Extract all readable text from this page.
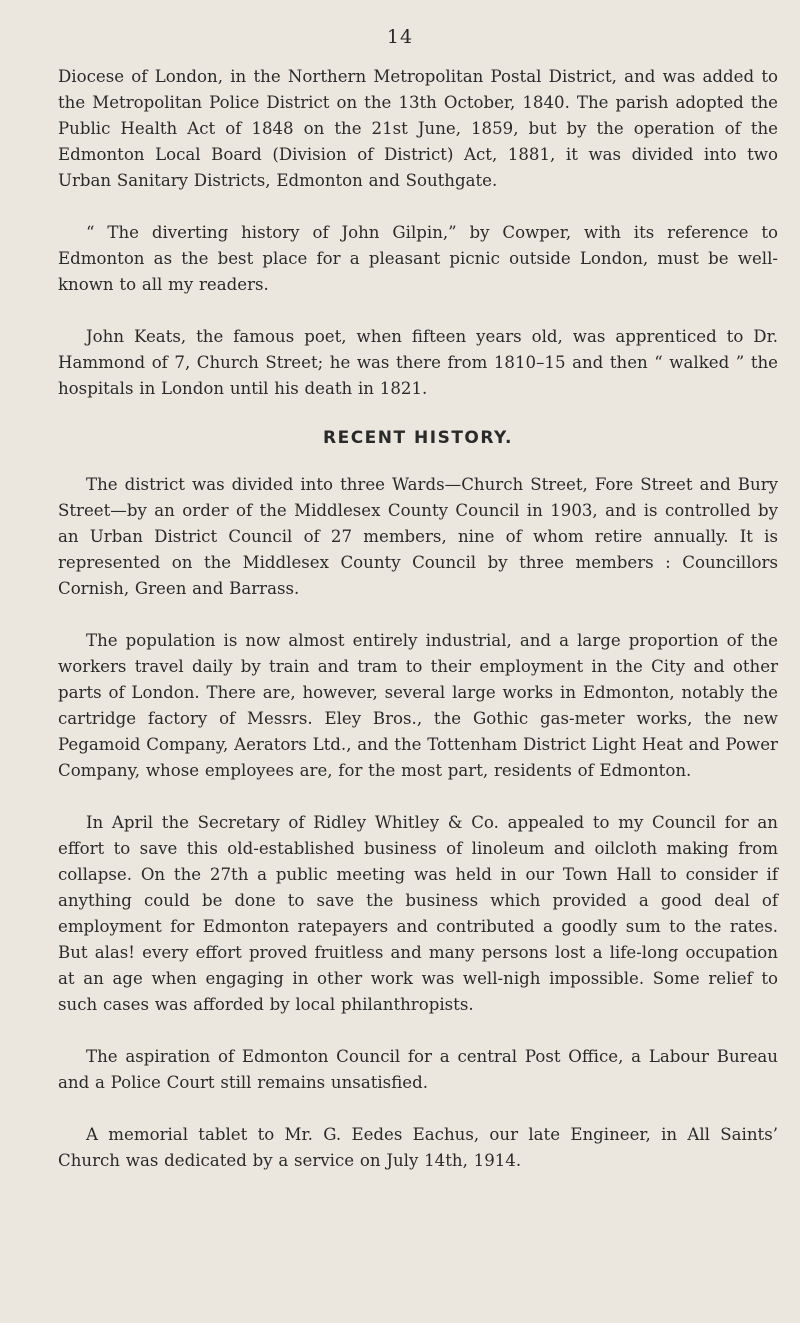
14

Diocese of London, in the Northern Metropolitan Postal District, and was added to the Metropolitan Police District on the 13th October, 1840. The parish adopted the Public Health Act of 1848 on the 21st June, 1859, but by the operation of the Edmonton Local Board (Division of District) Act, 1881, it was divided into two Urban Sanitary Districts, Edmonton and Southgate.

“ The diverting history of John Gilpin,” by Cowper, with its reference to Edmonton as the best place for a pleasant picnic outside London, must be well-known to all my readers.

John Keats, the famous poet, when fifteen years old, was apprenticed to Dr. Hammond of 7, Church Street; he was there from 1810–15 and then “ walked ” the hospitals in London until his death in 1821.

RECENT HISTORY.

The district was divided into three Wards—Church Street, Fore Street and Bury Street—by an order of the Middlesex County Council in 1903, and is controlled by an Urban District Council of 27 members, nine of whom retire annually. It is represented on the Middlesex County Council by three members : Councillors Cornish, Green and Barrass.

The population is now almost entirely industrial, and a large proportion of the workers travel daily by train and tram to their employment in the City and other parts of London. There are, however, several large works in Edmonton, notably the cartridge factory of Messrs. Eley Bros., the Gothic gas-meter works, the new Pegamoid Company, Aerators Ltd., and the Tottenham District Light Heat and Power Company, whose employees are, for the most part, residents of Edmonton.

In April the Secretary of Ridley Whitley & Co. appealed to my Council for an effort to save this old-established business of linoleum and oilcloth making from collapse. On the 27th a public meeting was held in our Town Hall to consider if anything could be done to save the business which provided a good deal of employment for Edmonton ratepayers and contributed a goodly sum to the rates. But alas! every effort proved fruitless and many persons lost a life-long occupation at an age when engaging in other work was well-nigh impossible. Some relief to such cases was afforded by local philanthropists.

The aspiration of Edmonton Council for a central Post Office, a Labour Bureau and a Police Court still remains unsatisfied.

A memorial tablet to Mr. G. Eedes Eachus, our late Engineer, in All Saints’ Church was dedicated by a service on July 14th, 1914.
